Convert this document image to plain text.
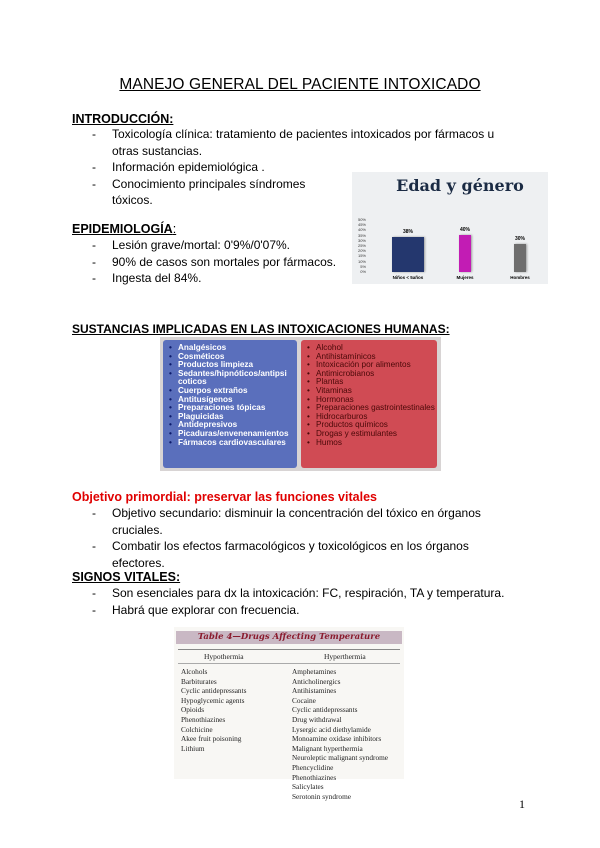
MANEJO GENERAL DEL PACIENTE INTOXICADO
INTRODUCCIÓN:
- Toxicología clínica: tratamiento de pacientes intoxicados por fármacos u otras sustancias.
- Información epidemiológica .
- Conocimiento principales síndromes tóxicos.
EPIDEMIOLOGÍA:
- Lesión grave/mortal: 0'9%/0'07%.
- 90% de casos son mortales por fármacos.
- Ingesta del 84%.
Edad y género
50%
45%
40%
35%
30%
25%
20%
15%
10%
5%
0%
38%
Niños < 5años
40%
Mujeres
30%
Hombres
SUSTANCIAS IMPLICADAS EN LAS INTOXICACIONES HUMANAS:
• Analgésicos
• Cosméticos
• Productos limpieza
• Sedantes/hipnóticos/antipsi coticos
• Cuerpos extraños
• Antitusígenos
• Preparaciones tópicas
• Plaguicidas
• Antidepresivos
• Picaduras/envenenamientos
• Fármacos cardiovasculares
• Alcohol
• Antihistamínicos
• Intoxicación por alimentos
• Antimicrobianos
• Plantas
• Vitaminas
• Hormonas
• Preparaciones gastrointestinales
• Hidrocarburos
• Productos químicos
• Drogas y estimulantes
• Humos
Objetivo primordial: preservar las funciones vitales
- Objetivo secundario: disminuir la concentración del tóxico en órganos cruciales.
- Combatir los efectos farmacológicos y toxicológicos en los órganos efectores.
SIGNOS VITALES:
- Son esenciales para dx la intoxicación: FC, respiración, TA y temperatura.
- Habrá que explorar con frecuencia.
Table 4—Drugs Affecting Temperature
Hypothermia	Hyperthermia
Alcohols
Barbiturates
Cyclic antidepressants
Hypoglycemic agents
Opioids
Phenothiazines
Colchicine
Akee fruit poisoning
Lithium
Amphetamines
Anticholinergics
Antihistamines
Cocaine
Cyclic antidepressants
Drug withdrawal
Lysergic acid diethylamide
Monoamine oxidase inhibitors
Malignant hyperthermia
Neuroleptic malignant syndrome
Phencyclidine
Phenothiazines
Salicylates
Serotonin syndrome
1
